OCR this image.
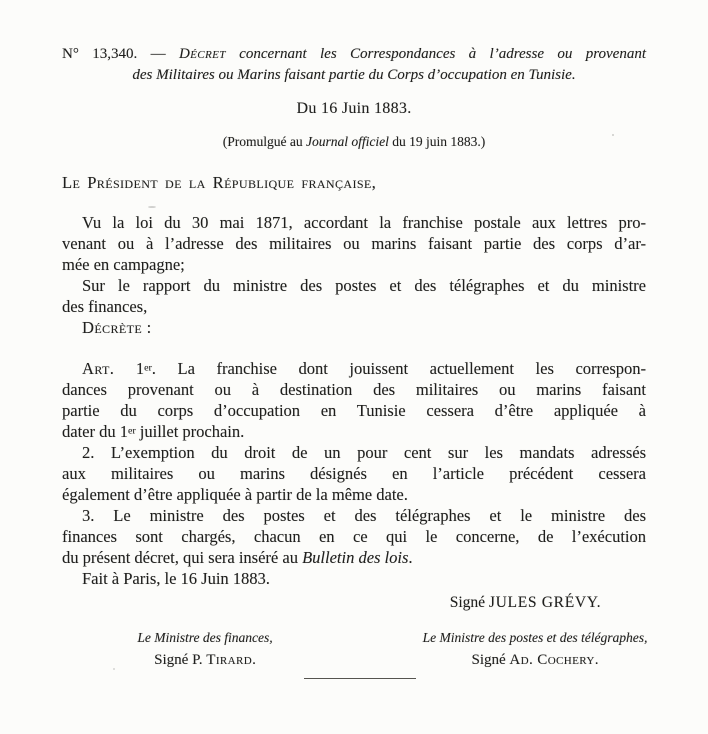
N° 13,340. — Décret concernant les Correspondances à l’adresse ou provenant
des Militaires ou Marins faisant partie du Corps d’occupation en Tunisie.
Du 16 Juin 1883.
(Promulgué au Journal officiel du 19 juin 1883.)
Le Président de la République française,
Vu la loi du 30 mai 1871, accordant la franchise postale aux lettres pro-
venant ou à l’adresse des militaires ou marins faisant partie des corps d’ar-
mée en campagne;
Sur le rapport du ministre des postes et des télégraphes et du ministre
des finances,
Décrète :
Art. 1er. La franchise dont jouissent actuellement les correspon-
dances provenant ou à destination des militaires ou marins faisant
partie du corps d’occupation en Tunisie cessera d’être appliquée à
dater du 1er juillet prochain.
2. L’exemption du droit de un pour cent sur les mandats adressés
aux militaires ou marins désignés en l’article précédent cessera
également d’être appliquée à partir de la même date.
3. Le ministre des postes et des télégraphes et le ministre des
finances sont chargés, chacun en ce qui le concerne, de l’exécution
du présent décret, qui sera inséré au Bulletin des lois.
Fait à Paris, le 16 Juin 1883.
Signé JULES GRÉVY.
Le Ministre des finances,
Signé P. Tirard.
Le Ministre des postes et des télégraphes,
Signé Ad. Cochery.
